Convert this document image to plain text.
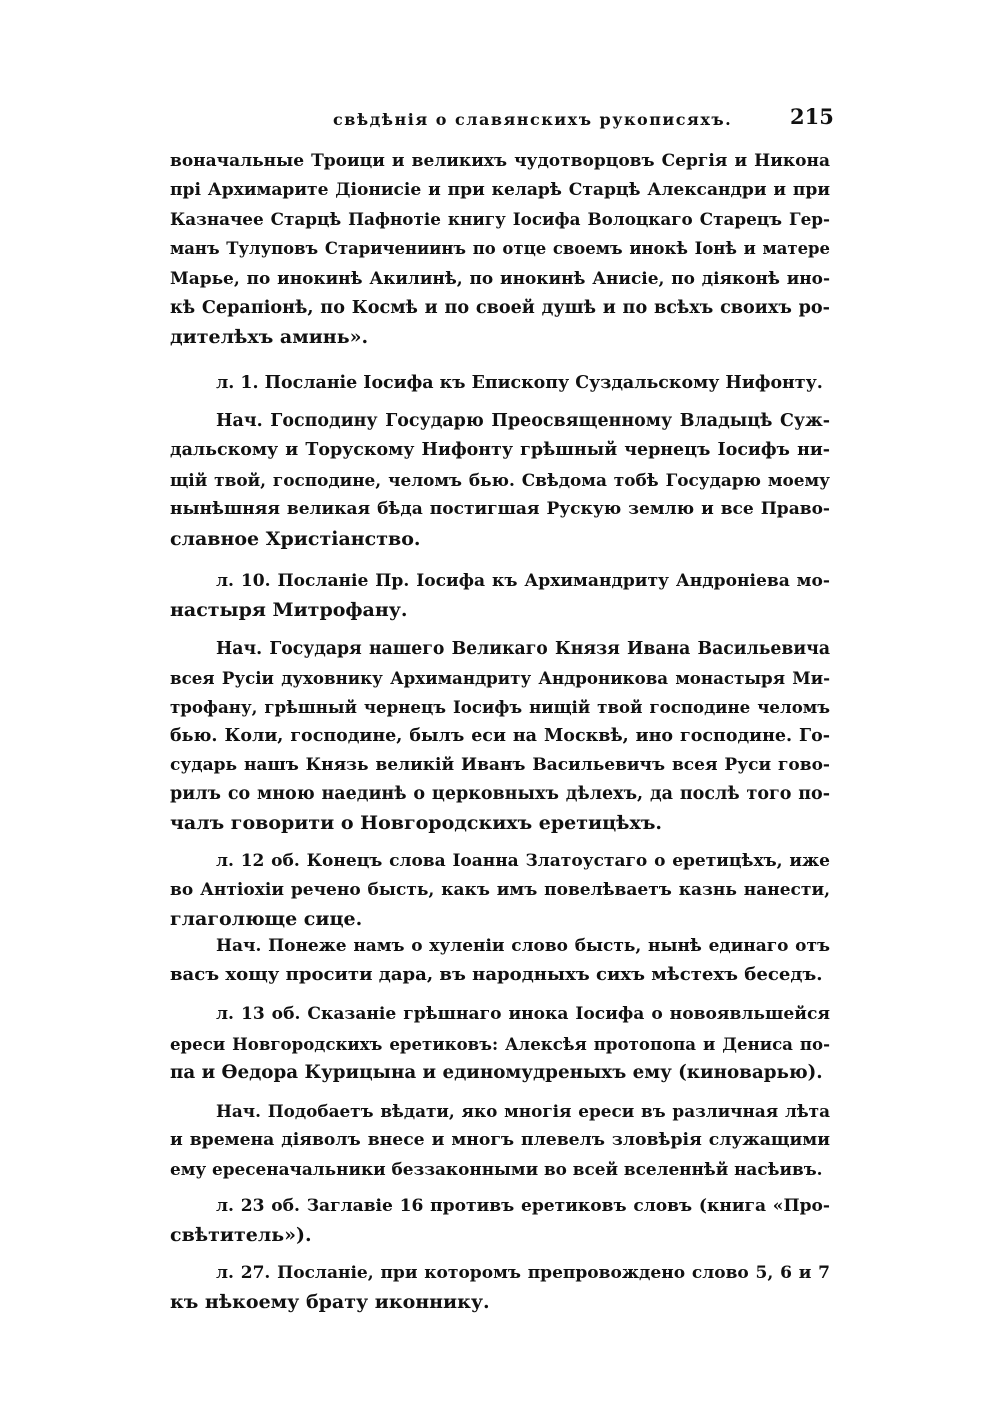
свѣдѣнія о славянскихъ рукописяхъ.	215
воначальные Троици и великихъ чудотворцовъ Сергія и Никона
прі Архимарите Діонисіе и при келарѣ Старцѣ Александри и при
Казначее Старцѣ Пафнотіе книгу Іосифа Волоцкаго Старецъ Гер-
манъ Тулуповъ Старичениинъ по отце своемъ инокѣ Іонѣ и матере
Марье, по инокинѣ Акилинѣ, по инокинѣ Анисіе, по діяконѣ ино-
кѣ Серапіонѣ, по Космѣ и по своей душѣ и по всѣхъ своихъ ро-
дителѣхъ аминь».
л. 1. Посланіе Іосифа къ Епископу Суздальскому Нифонту.
Нач. Господину Государю Преосвященному Владыцѣ Суж-
дальскому и Торускому Нифонту грѣшный чернецъ Іосифъ ни-
щій твой, господине, челомъ бью. Свѣдома тобѣ Государю моему
нынѣшняя великая бѣда постигшая Рускую землю и все Право-
славное Христіанство.
л. 10. Посланіе Пр. Іосифа къ Архимандриту Андроніева мо-
настыря Митрофану.
Нач. Государя нашего Великаго Князя Ивана Васильевича
всея Русіи духовнику Архимандриту Андроникова монастыря Ми-
трофану, грѣшный чернецъ Іосифъ нищій твой господине челомъ
бью. Коли, господине, былъ еси на Москвѣ, ино господине. Го-
сударь нашъ Князь великій Иванъ Васильевичъ всея Руси гово-
рилъ со мною наединѣ о церковныхъ дѣлехъ, да послѣ того по-
чалъ говорити о Новгородскихъ еретицѣхъ.
л. 12 об. Конецъ слова Іоанна Златоустаго о еретицѣхъ, иже
во Антіохіи речено бысть, какъ имъ повелѣваетъ казнь нанести,
глаголюще сице.
Нач. Понеже намъ о хуленіи слово бысть, нынѣ единаго отъ
васъ хощу просити дара, въ народныхъ сихъ мѣстехъ беседъ.
л. 13 об. Сказаніе грѣшнаго инока Іосифа о новоявльшейся
ереси Новгородскихъ еретиковъ: Алексѣя протопопа и Дениса по-
па и Ѳедора Курицына и единомудреныхъ ему (киноварью).
Нач. Подобаетъ вѣдати, яко многія ереси въ различная лѣта
и времена діяволъ внесе и многъ плевелъ зловѣрія служащими
ему ересеначальники беззаконными во всей вселеннѣй насѣивъ.
л. 23 об. Заглавіе 16 противъ еретиковъ словъ (книга «Про-
свѣтитель»).
л. 27. Посланіе, при которомъ препровождено слово 5, 6 и 7
къ нѣкоему брату иконнику.
